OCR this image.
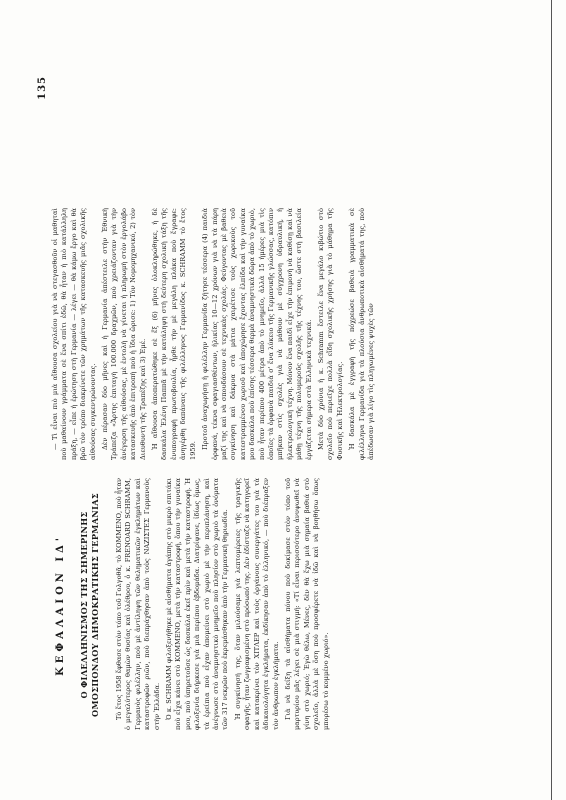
135
ΚΕΦΑΛΑΙΟΝ ΙΔ' Ο ΦΙΛΕΛΛΗΝΙΣΜΟΣ ΤΗΣ ΣΗΜΕΡΙΝΗΣ ΟΜΟΣΠΟΝΔΟΥ ΔΗΜΟΚΡΑΤΙΚΗΣ ΓΕΡΜΑΝΙΑΣ Τὸ ἔτος 1958 ἔφθασε στὸν τόπο τοῦ Γολγοθᾶ, τὸ ΚΟΜΜΕΝΟ, ποὺ ἦταν ὁ μεγαλύτερος θαμὼν θυσίας καὶ ὀλέθρου, ὁ κ. FRENOARD SCHRAMM, Γερμανὸς φιλέλλην, ποὺ μὲ ἀντίληψη τῶν θεληματικῶν ἐγκλημάτων καὶ καταστροφῶν ριῶν, ποὺ διεπράχθησαν ἀπὸ τοὺς ΝΑΖΙΣΤΕΣ Γερμανοὺς στὴν Ἑλλάδα. Ὁ κ. SCHRAMM φιλοξενήθηκε μὲ αἰσθήματα ἀγάπης στὸ μικρὸ σπιτάκι ποὺ εἶχα κάνει στὸ ΚΟΜΜΕΝΟ, μετὰ τὴν καταστροφή, ὅπου τὴν γυναίκα μου, ποὺ ὑπηρετοῦσε ὡς δασκάλα ἐκεῖ πρὶν καὶ μετὰ τὴν καταστροφή. Ἡ φιλοξενία διήρκεσε γιὰ μιὰ περίπου ἑβδομάδα. Διατρίψανε, ἰδίως ὅμως, τὰ ἐρείπια ποὺ εἶχαν ἀπομείνει στὸ χωριὸ μὲ τὴν περιπλάνηση, καὶ ἀνέγνωσε στὸ ἀναμνηστικὸ μνημεῖο ποὺ πλησίον στὸ χωριὸ τὰ ὀνόματα τῶν 317 νεκρῶν ποὺ ἐκρεμάσθηκαν ἀπὸ τὴν Γερμανικὴ θηριωδία. Ἡ συγκίνησή της, ὅταν μιλούσαμε γιὰ λεπτομέρειες τῆς τραγικῆς σφαγῆς, ἦταν ζωγραφισμένη στὸ πρόσωπό της. Δὲν ἐδίσταζε νὰ κατηγορεῖ καὶ κατακρίνει τὸν ΧΙΤΛΕΡ καὶ τοὺς ὀργάνους συνεργάτες του γιὰ τὰ ἀδικαιολόγητα ἐγκλήματα, ἐκδίκησαν ἀπὸ τὸ ἑλληνικό, — ποὺ διέπραξεν τὸν ἄνθρωπον ἐγκλήματα. Γιὰ νὰ δείξη τὰ αἰσθήματα πόνου ποὺ δοκίμασε στὸν τόπο τοῦ μαρτυρίου μᾶς λέγει σὲ μιὰ στιγμή: «Τί εἶναι περισσότερο ἀνυψωθεῖ νὰ γίνη στὸ χωριό; Ἐγὼ θέλω, Μένες, δὲν θὰ ἔχω μιὰ σημαία βαθιά στὸ σχολεῖο, ἀλλὰ μὲ ὅση ποὺ προσφέρετε νὰ ἰδῶ καὶ νὰ βοηθήσω ὅπως μπορέσω τὸ κομμένο χωριό».

— Τὶ εἶναι πιὸ μιὰ αἴθουσα σχολείου γιὰ νὰ στεγασθοῦν οἱ μαθηταὶ ποὺ μαθαίνουν γράμματα σὲ ἕνα σπίτι ἐδῶ, θὰ ἦταν ἡ πιὸ κατάλληλη πράξη, — εἶπε ἡ ἐρώτηση στὴ Γερμανία — λέγει — θὰ κάμω ἔργο καὶ θὰ βρῶ τὸν τρόπο διακρίνετε τῶν χρημάτων τῆς κατασκευῆς μιᾶς σχολικῆς αἰθούσας συγκεντρώνοντας. Δὲν πέρασαν δύο μῆνες καὶ ἡ Γερμανία ἀπέστειλε στὴν Ἐθνικὴ Τράπεζα «Ἄρτης ἐπιταγὴ 100.000 δραχμῶν, ποὺ χρειάζονταν γιὰ τὴν ἀνέγερση τῆς αἰθούσας, μὲ ἐντολὴ νὰ γίνεται ἡ πληρωμὴ στὸν ἐργολάβο κατασκευῆς ἀπὸ ἐπιτροπὴ ποὺ ἡ ἴδια ὥρισε: 1) Τὸν Νομομηχανικό, 2) τὸν Διευθυντὴ τῆς Τραπέζης καὶ 3) Ἐμέ. Ἡ αἴθουσα ἀποπερατώθηκε σὲ ἕξ (6) μῆνες ὁλοκληρώθηκε, ἡ δὲ δασκάλα Ἑλένη Παππᾶ μὲ τὴν κατάληψη στὴ δεύτερη σχολικὴ τάξη τῆς ἐνυπογραφὴ πρωτοβουλία, ἦρθε τὴν μὲ μεγάλη πλάκα ποὺ ἔγραφε: ἀνηγέρθη δαπάναις τῆς φιλέλληνος Γερμανίδος κ. SCHRAMM τὸ ἔτος 1959.

Προτοῦ ἀναχωρήσῃ ἡ φιλέλλην Γερμανίδα ζήτησε τέσσερα (4) παιδιὰ ὀρφανά, τέκνα σφαγιασθέντων, ἡλικίας 10—12 χρόνων γιὰ νὰ τὰ πάρη μαζί της καὶ νὰ σπουδάσουν σὲ τεχνικὰς σχολάς. Φεύγοντας μὲ βαθειὰ συγκίνηση καὶ δάκρυα στὰ μάτια χαιρέτισε τοὺς χωρικοὺς τοῦ κατεστραμμένου χωριοῦ καὶ ἀποχώρησε ἔχοντας ἐλπίδα καὶ τὴν γυναίκα μου δασκάλα ποὺ ἐπίσης τέσσερα θερμὰ ἀναμνηστικὰ δῶρα ἀπὸ τὸ χωριὸ, ποὺ ἦταν περίπου 400 μέτρα ἀπὸ τὸ μνημεῖο, ἀλλὰ 15 ἡμέρες μιὰ τὶς ὁποῖες τὰ ὀρφανὰ παιδιὰ σ' ἕνα λύκειο τῆς Γερμανικῆς γλώσσας, κατόπιν μπῆκαν στὶς σχολὲς γιὰ νὰ μάθουν μὲ σύγχρονη ὑδραυλική, ἡ ἠλεκτρολογικὴ τέχνη. Μόνον ἕνα παιδὶ εἶχε τὴν ἐπιμονὴ νὰ καθίσῃ καὶ νὰ μάθῃ τέχνη τῆς πολυμεροῦς σχολῆς τῆς τέχνης του, ὥστε στὴ βασιλεία ἐργάζεται σήμερα στὰ Ἑλληνικὰ τεχνικά. Μετὰ δύο χρόνια ἡ κ. Schramm ἔστειλε ἕνα μεγάλο κιβώτιο στὸ σχολεῖο ποὺ περιεῖχε πολλὰ εἴδη σχολικῆς χρήσης γιὰ τὸ μάθημα τῆς Φυσικῆς καὶ Ἠλεκτρολογίας. Ἡ δασκάλα μὲ ἐγγραφὴ τῆς πόχρεώσε βαθειὰ γραμματικὰ σὲ φιλέλληνα Γερμανίδα γιὰ τὰ πλούσια ἀνθρωποτικὰ αἰσθήματά της, ποὺ ἀπέδωσαν γιὰ λίγο τὶς πληγωμένες ψυχὲς τῶν
